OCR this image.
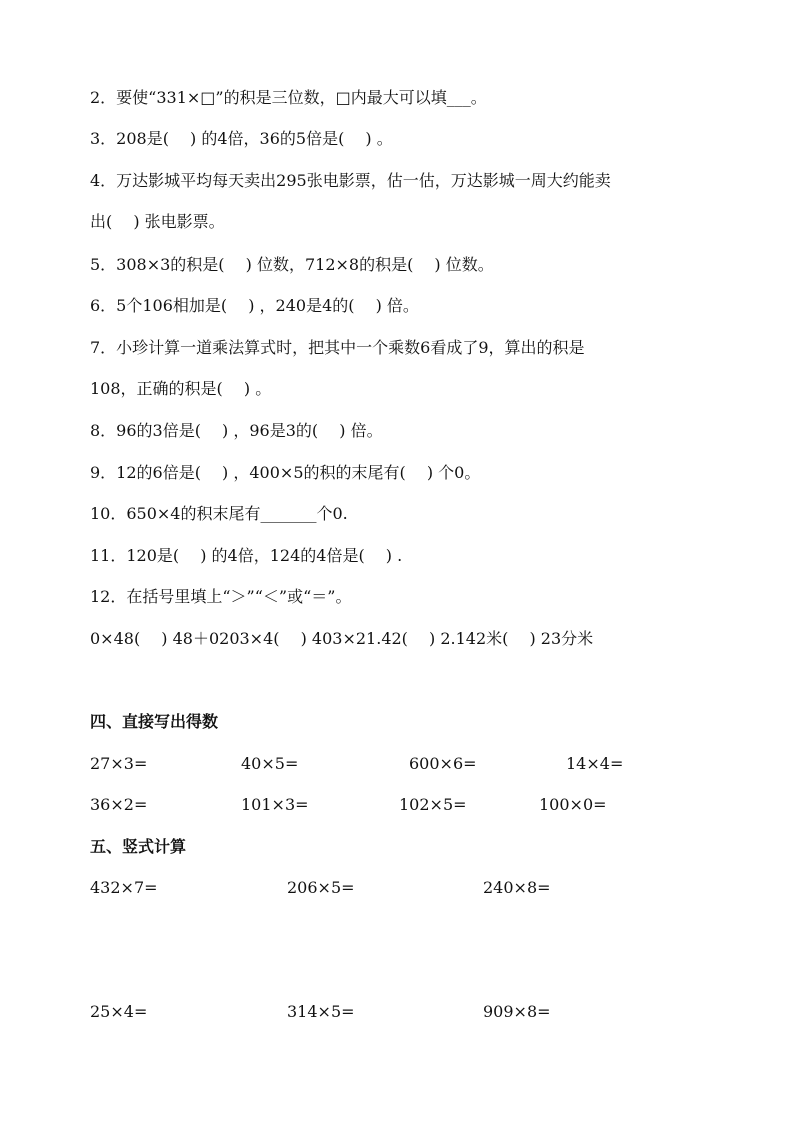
2．要使“331×□”的积是三位数，□内最大可以填___。
3．208是(　 ) 的4倍，36的5倍是(　 ) 。
4．万达影城平均每天卖出295张电影票，估一估，万达影城一周大约能卖
出(　 ) 张电影票。
5．308×3的积是(　 ) 位数，712×8的积是(　 ) 位数。
6．5个106相加是(　 ) ，240是4的(　 ) 倍。
7．小珍计算一道乘法算式时，把其中一个乘数6看成了9，算出的积是
108，正确的积是(　 ) 。
8．96的3倍是(　 ) ，96是3的(　 ) 倍。
9．12的6倍是(　 ) ，400×5的积的末尾有(　 ) 个0。
10．650×4的积末尾有_______个0.
11．120是(　 ) 的4倍，124的4倍是(　 ) .
12．在括号里填上“＞”“＜”或“＝”。
0×48(　 ) 48＋0203×4(　 ) 403×21.42(　 ) 2.142米(　 ) 23分米
四、直接写出得数
27×3=	40×5=	600×6=	14×4=
36×2=	101×3=	102×5=	100×0=
五、竖式计算
432×7=	206×5=	240×8=
25×4=	314×5=	909×8=
